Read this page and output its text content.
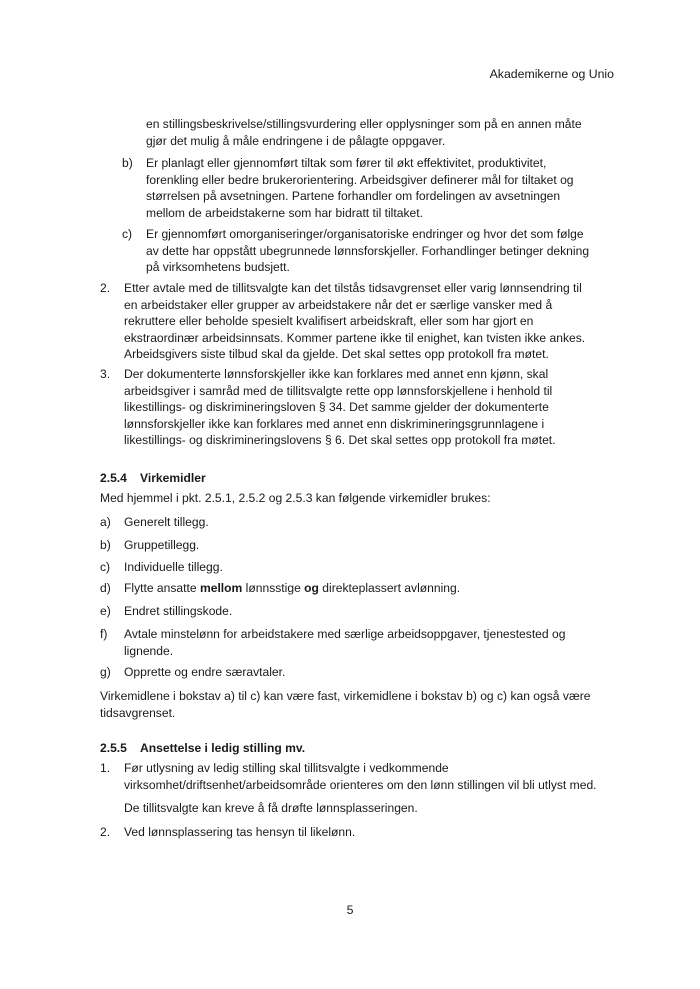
Akademikerne og Unio
en stillingsbeskrivelse/stillingsvurdering eller opplysninger som på en annen måte
gjør det mulig å måle endringene i de pålagte oppgaver.
b) Er planlagt eller gjennomført tiltak som fører til økt effektivitet, produktivitet,
forenkling eller bedre brukerorientering. Arbeidsgiver definerer mål for tiltaket og
størrelsen på avsetningen. Partene forhandler om fordelingen av avsetningen
mellom de arbeidstakerne som har bidratt til tiltaket.
c) Er gjennomført omorganiseringer/organisatoriske endringer og hvor det som følge
av dette har oppstått ubegrunnede lønnsforskjeller. Forhandlinger betinger dekning
på virksomhetens budsjett.
2. Etter avtale med de tillitsvalgte kan det tilstås tidsavgrenset eller varig lønnsendring til
en arbeidstaker eller grupper av arbeidstakere når det er særlige vansker med å
rekruttere eller beholde spesielt kvalifisert arbeidskraft, eller som har gjort en
ekstraordinær arbeidsinnsats. Kommer partene ikke til enighet, kan tvisten ikke ankes.
Arbeidsgivers siste tilbud skal da gjelde. Det skal settes opp protokoll fra møtet.
3. Der dokumenterte lønnsforskjeller ikke kan forklares med annet enn kjønn, skal
arbeidsgiver i samråd med de tillitsvalgte rette opp lønnsforskjellene i henhold til
likestillings- og diskrimineringsloven § 34. Det samme gjelder der dokumenterte
lønnsforskjeller ikke kan forklares med annet enn diskrimineringsgrunnlagene i
likestillings- og diskrimineringslovens § 6. Det skal settes opp protokoll fra møtet.
2.5.4 Virkemidler
Med hjemmel i pkt. 2.5.1, 2.5.2 og 2.5.3 kan følgende virkemidler brukes:
a) Generelt tillegg.
b) Gruppetillegg.
c) Individuelle tillegg.
d) Flytte ansatte mellom lønnsstige og direkteplassert avlønning.
e) Endret stillingskode.
f) Avtale minstelønn for arbeidstakere med særlige arbeidsoppgaver, tjenestested og
lignende.
g) Opprette og endre særavtaler.
Virkemidlene i bokstav a) til c) kan være fast, virkemidlene i bokstav b) og c) kan også være
tidsavgrenset.
2.5.5 Ansettelse i ledig stilling mv.
1. Før utlysning av ledig stilling skal tillitsvalgte i vedkommende
virksomhet/driftsenhet/arbeidsområde orienteres om den lønn stillingen vil bli utlyst med.
De tillitsvalgte kan kreve å få drøfte lønnsplasseringen.
2. Ved lønnsplassering tas hensyn til likelønn.
5
